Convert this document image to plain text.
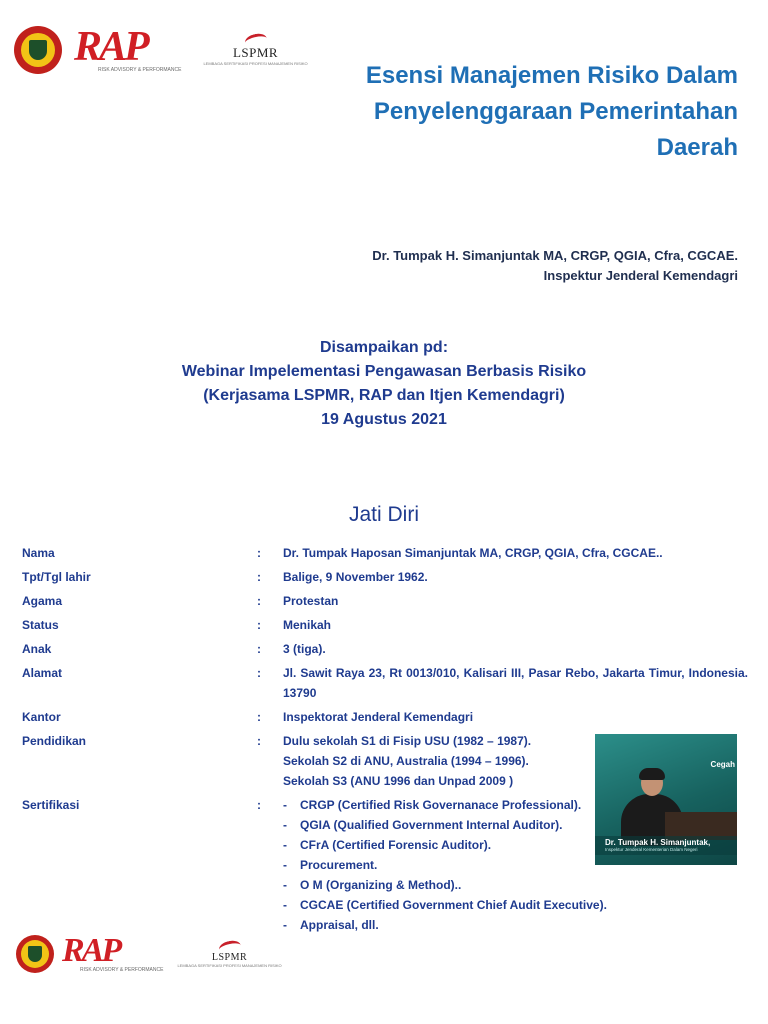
RAP
RISK ADVISORY & PERFORMANCE
LSPMR
LEMBAGA SERTIFIKASI PROFESI MANAJEMEN RISIKO	Esensi Manajemen Risiko Dalam
Penyelenggaraan Pemerintahan
Daerah
Dr. Tumpak H. Simanjuntak MA, CRGP, QGIA, Cfra, CGCAE.
Inspektur Jenderal Kemendagri
Disampaikan pd:
Webinar Impelementasi Pengawasan Berbasis Risiko
(Kerjasama LSPMR, RAP dan Itjen Kemendagri)
19 Agustus 2021
Jati Diri
Nama	:	Dr. Tumpak Haposan Simanjuntak MA, CRGP, QGIA, Cfra, CGCAE..
Tpt/Tgl lahir	:	Balige, 9 November 1962.
Agama	:	Protestan
Status	:	Menikah
Anak	:	3 (tiga).
Alamat	:	Jl. Sawit Raya 23, Rt 0013/010, Kalisari III, Pasar Rebo, Jakarta Timur, Indonesia. 13790
Kantor	:	Inspektorat Jenderal Kemendagri
Pendidikan	:	Dulu sekolah S1 di Fisip USU (1982 – 1987).
Sekolah S2 di ANU, Australia (1994 – 1996).
Sekolah S3 (ANU 1996 dan Unpad 2009 )
Sertifikasi	:	-	CRGP (Certified Risk Governanace Professional).
-	QGIA (Qualified Government Internal Auditor).
-	CFrA (Certified Forensic Auditor).
-	Procurement.
-	O M (Organizing & Method)..
-	CGCAE (Certified Government Chief Audit Executive).
-	Appraisal, dll.
Cegah
Dr. Tumpak H. Simanjuntak,
Inspektur Jenderal Kementerian Dalam Negeri
RAP
RISK ADVISORY & PERFORMANCE
LSPMR
LEMBAGA SERTIFIKASI PROFESI MANAJEMEN RISIKO
